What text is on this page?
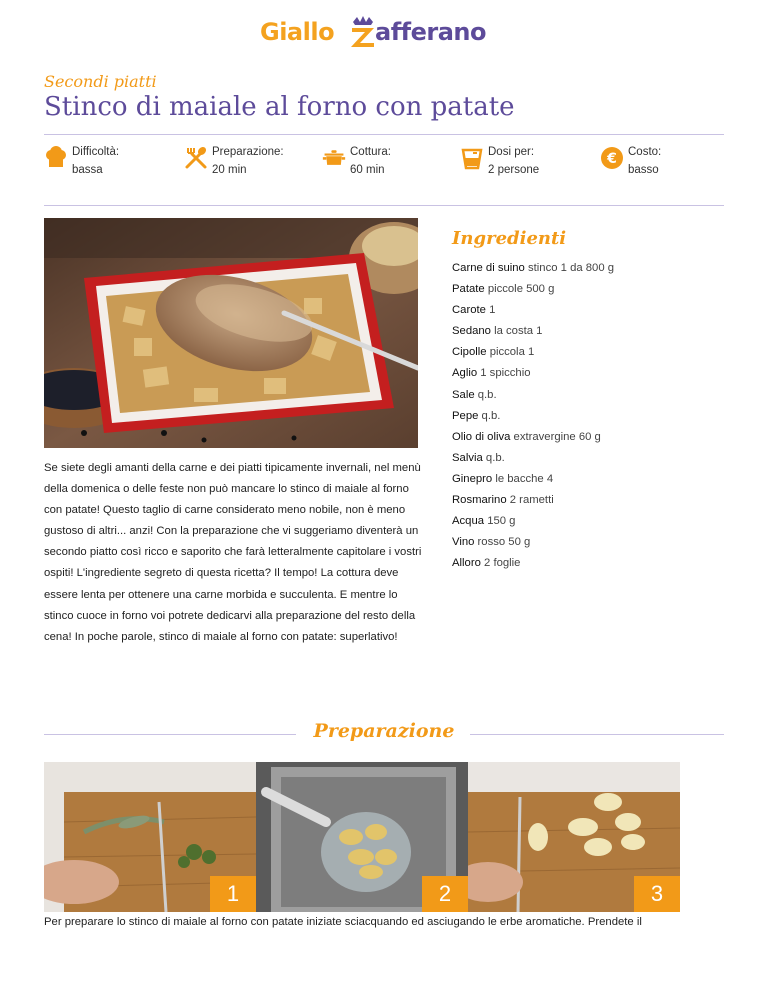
Giallo afferano
Secondi piatti
Stinco di maiale al forno con patate
Difficoltà:
bassa
Preparazione:
20 min
Cottura:
60 min
Dosi per:
2 persone
€ Costo:
basso

Se siete degli amanti della carne e dei piatti tipicamente invernali, nel menù della domenica o delle feste non può mancare lo stinco di maiale al forno con patate! Questo taglio di carne considerato meno nobile, non è meno gustoso di altri... anzi! Con la preparazione che vi suggeriamo diventerà un secondo piatto così ricco e saporito che farà letteralmente capitolare i vostri ospiti! L'ingrediente segreto di questa ricetta? Il tempo! La cottura deve essere lenta per ottenere una carne morbida e succulenta. E mentre lo stinco cuoce in forno voi potrete dedicarvi alla preparazione del resto della cena! In poche parole, stinco di maiale al forno con patate: superlativo!

Ingredienti
Carne di suino stinco 1 da 800 g
Patate piccole 500 g
Carote 1
Sedano la costa 1
Cipolle piccola 1
Aglio 1 spicchio
Sale q.b.
Pepe q.b.
Olio di oliva extravergine 60 g
Salvia q.b.
Ginepro le bacche 4
Rosmarino 2 rametti
Acqua 150 g
Vino rosso 50 g
Alloro 2 foglie
Preparazione
1	2	3

Per preparare lo stinco di maiale al forno con patate iniziate sciacquando ed asciugando le erbe aromatiche. Prendete il
